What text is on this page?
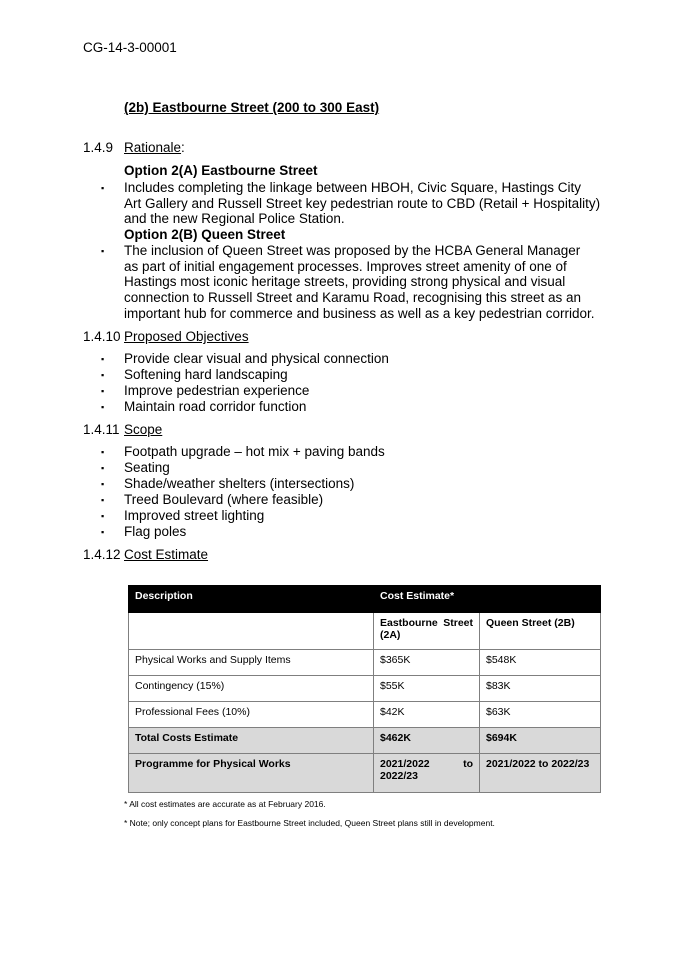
CG-14-3-00001
(2b) Eastbourne Street (200 to 300 East)
1.4.9 Rationale:
Option 2(A) Eastbourne Street
▪ Includes completing the linkage between HBOH, Civic Square, Hastings City
Art Gallery and Russell Street key pedestrian route to CBD (Retail + Hospitality)
and the new Regional Police Station.
Option 2(B) Queen Street
▪ The inclusion of Queen Street was proposed by the HCBA General Manager
as part of initial engagement processes. Improves street amenity of one of
Hastings most iconic heritage streets, providing strong physical and visual
connection to Russell Street and Karamu Road, recognising this street as an
important hub for commerce and business as well as a key pedestrian corridor.
1.4.10 Proposed Objectives
▪ Provide clear visual and physical connection
▪ Softening hard landscaping
▪ Improve pedestrian experience
▪ Maintain road corridor function
1.4.11 Scope
▪ Footpath upgrade – hot mix + paving bands
▪ Seating
▪ Shade/weather shelters (intersections)
▪ Treed Boulevard (where feasible)
▪ Improved street lighting
▪ Flag poles
1.4.12 Cost Estimate
Description	Cost Estimate*	

	Eastbourne Street
(2A)	Queen Street (2B)
Physical Works and Supply Items	$365K	$548K
Contingency (15%)	$55K	$83K
Professional Fees (10%)	$42K	$63K
Total Costs Estimate	$462K	$694K
Programme for Physical Works	2021/2022 to
2022/23	2021/2022 to 2022/23
* All cost estimates are accurate as at February 2016.
* Note; only concept plans for Eastbourne Street included, Queen Street plans still in development.
